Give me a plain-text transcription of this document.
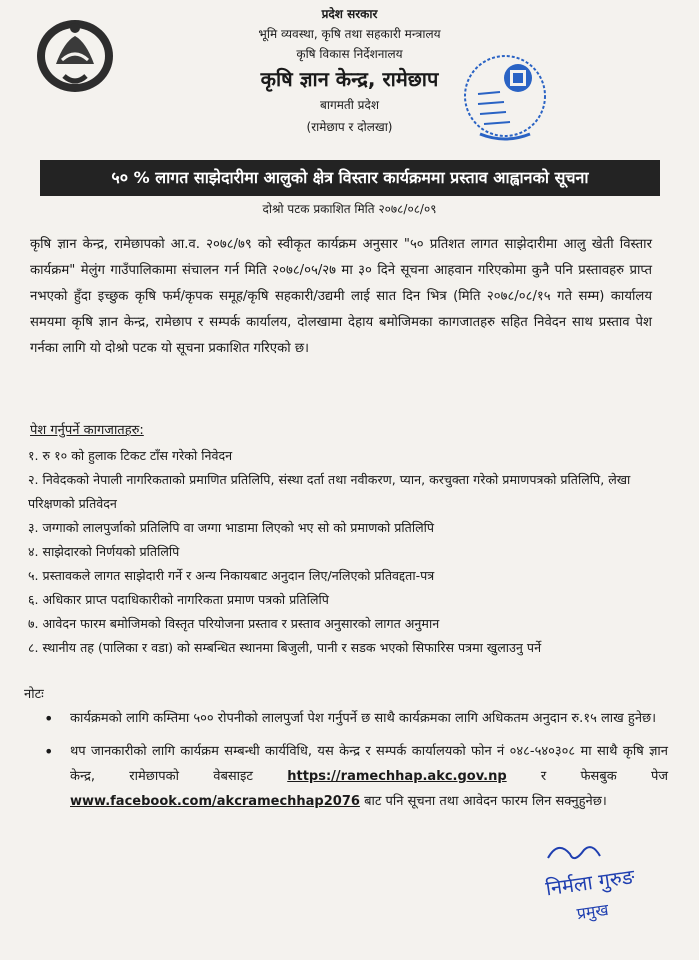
प्रदेश सरकार
भूमि व्यवस्था, कृषि तथा सहकारी मन्त्रालय
कृषि विकास निर्देशनालय
कृषि ज्ञान केन्द्र, रामेछाप
बागमती प्रदेश
(रामेछाप र दोलखा)
५० % लागत साझेदारीमा आलुको क्षेत्र विस्तार कार्यक्रममा प्रस्ताव आह्वानको सूचना
दोश्रो पटक प्रकाशित मिति २०७८/०८/०९
कृषि ज्ञान केन्द्र, रामेछापको आ.व. २०७८/७९ को स्वीकृत कार्यक्रम अनुसार "५० प्रतिशत लागत साझेदारीमा आलु खेती विस्तार कार्यक्रम" मेलुंग गाउँपालिकामा संचालन गर्न मिति २०७८/०५/२७ मा ३० दिने सूचना आहवान गरिएकोमा कुनै पनि प्रस्तावहरु प्राप्त नभएको हुँदा इच्छुक कृषि फर्म/कृपक समूह/कृषि सहकारी/उद्यमी लाई सात दिन भित्र (मिति २०७८/०८/१५ गते सम्म) कार्यालय समयमा कृषि ज्ञान केन्द्र, रामेछाप र सम्पर्क कार्यालय, दोलखामा देहाय बमोजिमका कागजातहरु सहित निवेदन साथ प्रस्ताव पेश गर्नका लागि यो दोश्रो पटक यो सूचना प्रकाशित गरिएको छ।
पेश गर्नुपर्ने कागजातहरु:
१. रु १० को हुलाक टिकट टाँस गरेको निवेदन
२. निवेदकको नेपाली नागरिकताको प्रमाणित प्रतिलिपि, संस्था दर्ता तथा नवीकरण, प्यान, करचुक्ता गरेको प्रमाणपत्रको प्रतिलिपि, लेखा परिक्षणको प्रतिवेदन
३. जग्गाको लालपुर्जाको प्रतिलिपि वा जग्गा भाडामा लिएको भए सो को प्रमाणको प्रतिलिपि
४. साझेदारको निर्णयको प्रतिलिपि
५. प्रस्तावकले लागत साझेदारी गर्ने र अन्य निकायबाट अनुदान लिए/नलिएको प्रतिवद्दता-पत्र
६. अधिकार प्राप्त पदाधिकारीको नागरिकता प्रमाण पत्रको प्रतिलिपि
७. आवेदन फारम बमोजिमको विस्तृत परियोजना प्रस्ताव र प्रस्ताव अनुसारको लागत अनुमान
८. स्थानीय तह (पालिका र वडा) को सम्बन्धित स्थानमा बिजुली, पानी र सडक भएको सिफारिस पत्रमा खुलाउनु पर्ने
नोटः
• कार्यक्रमको लागि कम्तिमा ५०० रोपनीको लालपुर्जा पेश गर्नुपर्ने छ साथै कार्यक्रमका लागि अधिकतम अनुदान रु.१५ लाख हुनेछ।
• थप जानकारीको लागि कार्यक्रम सम्बन्धी कार्यविधि, यस केन्द्र र सम्पर्क कार्यालयको फोन नं ०४८-५४०३०८ मा साथै कृषि ज्ञान केन्द्र, रामेछापको वेबसाइट	https://ramechhap.akc.gov.np	र फेसबुक पेज www.facebook.com/akcramechhap2076 बाट पनि सूचना तथा आवेदन फारम लिन सक्नुहुनेछ।
निर्मला गुरुङ
प्रमुख
